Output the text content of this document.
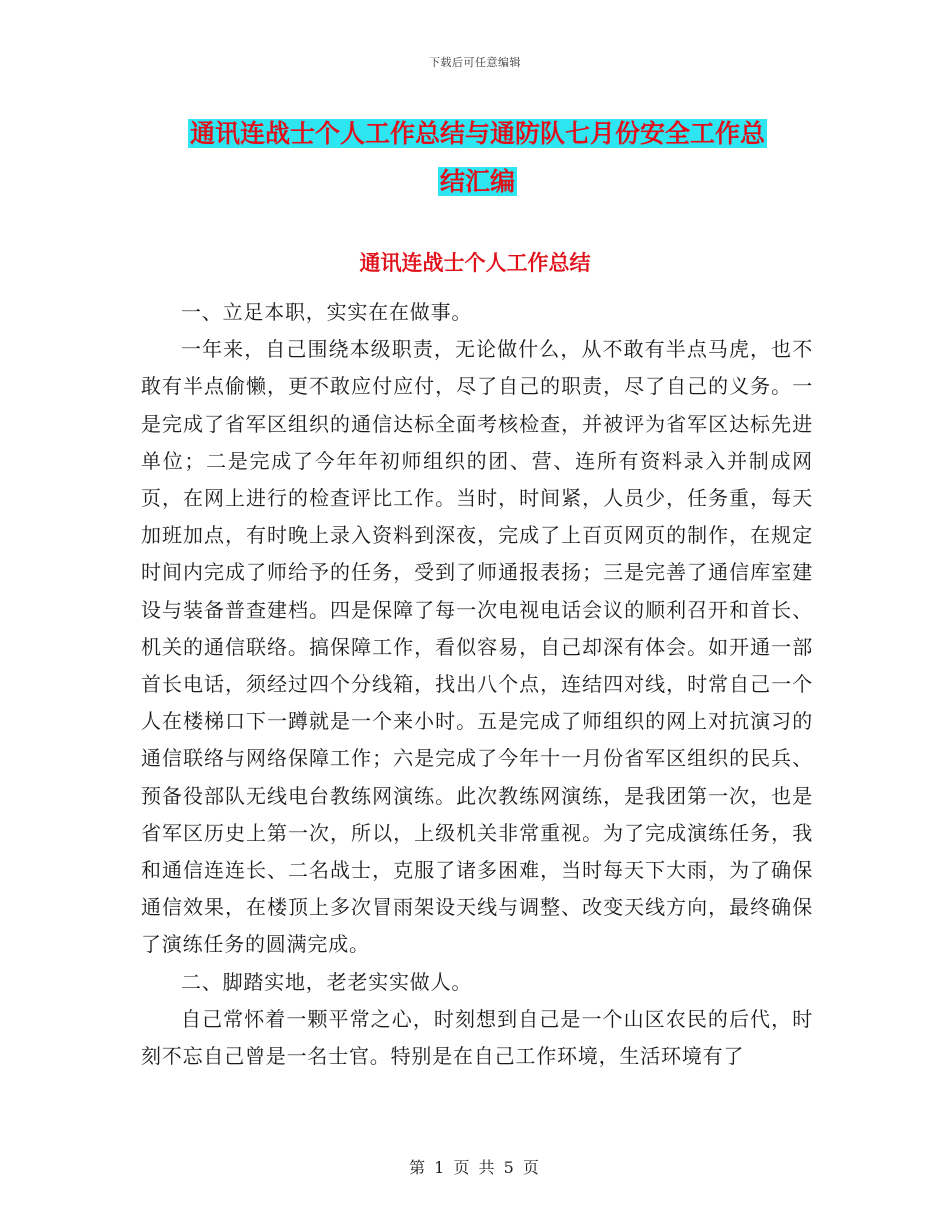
下载后可任意编辑
通讯连战士个人工作总结与通防队七月份安全工作总
结汇编
通讯连战士个人工作总结

一、立足本职，实实在在做事。

一年来，自己围绕本级职责，无论做什么，从不敢有半点马虎，也不敢有半点偷懒，更不敢应付应付，尽了自己的职责，尽了自己的义务。一是完成了省军区组织的通信达标全面考核检查，并被评为省军区达标先进单位；二是完成了今年年初师组织的团、营、连所有资料录入并制成网页，在网上进行的检查评比工作。当时，时间紧，人员少，任务重，每天加班加点，有时晚上录入资料到深夜，完成了上百页网页的制作，在规定时间内完成了师给予的任务，受到了师通报表扬；三是完善了通信库室建设与装备普查建档。四是保障了每一次电视电话会议的顺利召开和首长、机关的通信联络。搞保障工作，看似容易，自己却深有体会。如开通一部首长电话，须经过四个分线箱，找出八个点，连结四对线，时常自己一个人在楼梯口下一蹲就是一个来小时。五是完成了师组织的网上对抗演习的通信联络与网络保障工作；六是完成了今年十一月份省军区组织的民兵、预备役部队无线电台教练网演练。此次教练网演练，是我团第一次，也是省军区历史上第一次，所以，上级机关非常重视。为了完成演练任务，我和通信连连长、二名战士，克服了诸多困难，当时每天下大雨，为了确保通信效果，在楼顶上多次冒雨架设天线与调整、改变天线方向，最终确保了演练任务的圆满完成。

二、脚踏实地，老老实实做人。

自己常怀着一颗平常之心，时刻想到自己是一个山区农民的后代，时刻不忘自己曾是一名士官。特别是在自己工作环境，生活环境有了

第 1 页 共 5 页
